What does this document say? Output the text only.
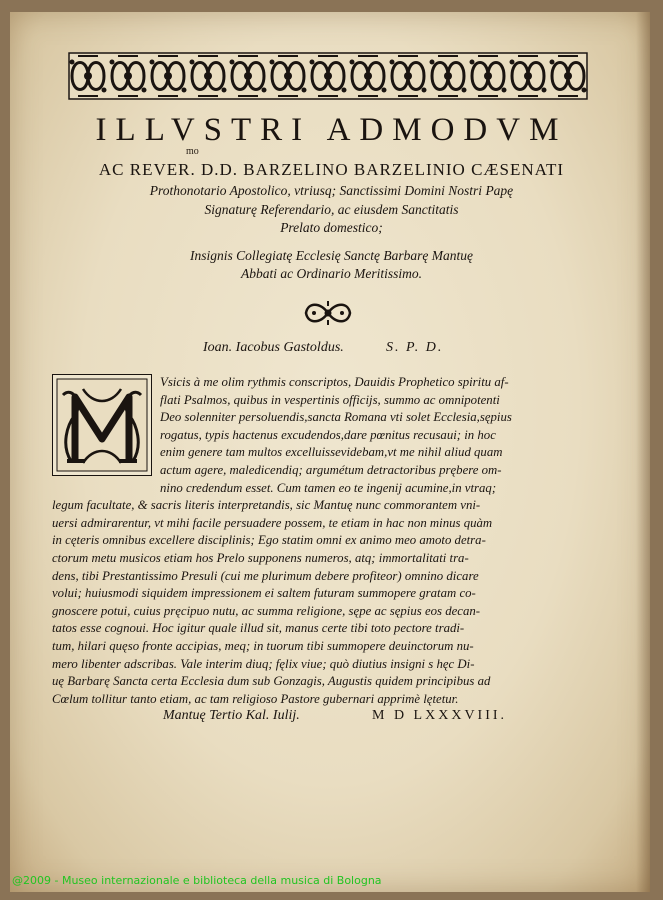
ILLVSTRI ADMODVM
mo
AC REVER. D.D. BARZELINO BARZELINIO CÆSENATI
Prothonotario Apostolico, vtriusq; Sanctissimi Domini Nostri Papę
Signaturę Referendario, ac eiusdem Sanctitatis
Prelato domestico;
Insignis Collegiatę Ecclesię Sanctę Barbarę Mantuę
Abbati ac Ordinario Meritissimo.
Ioan. Iacobus Gastoldus.	S. P. D.
Vsicis à me olim rythmis conscriptos, Dauidis Prophetico spiritu af-
flati Psalmos, quibus in vespertinis officijs, summo ac omnipotenti
Deo solenniter persoluendis,sancta Romana vti solet Ecclesia,sępius
rogatus, typis hactenus excudendos,dare pœnitus recusaui; in hoc
enim genere tam multos excelluissevidebam,vt me nihil aliud quam
actum agere, maledicendiq; argumétum detractoribus prębere om-
nino credendum esset. Cum tamen eo te ingenij acumine,in vtraq;
legum facultate, & sacris literis interpretandis, sic Mantuę nunc commorantem vni-
uersi admirarentur, vt mihi facile persuadere possem, te etiam in hac non minus quàm
in cęteris omnibus excellere disciplinis; Ego statim omni ex animo meo amoto detra-
ctorum metu musicos etiam hos Prelo supponens numeros, atq; immortalitati tra-
dens, tibi Prestantissimo Presuli (cui me plurimum debere profiteor) omnino dicare
volui; huiusmodi siquidem impressionem ei saltem futuram summopere gratam co-
gnoscere potui, cuius pręcipuo nutu, ac summa religione, sępe ac sępius eos decan-
tatos esse cognoui. Hoc igitur quale illud sit, manus certe tibi toto pectore tradi-
tum, hilari quęso fronte accipias, meq; in tuorum tibi summopere deuinctorum nu-
mero libenter adscribas. Vale interim diuq; fęlix viue; quò diutius insigni s hęc Di-
uę Barbarę Sancta certa Ecclesia dum sub Gonzagis, Augustis quidem principibus ad
Cœlum tollitur tanto etiam, ac tam religioso Pastore gubernari apprimè lętetur.
Mantuę Tertio Kal. Iulij.	M D LXXXVIII.
@2009 - Museo internazionale e biblioteca della musica di Bologna
